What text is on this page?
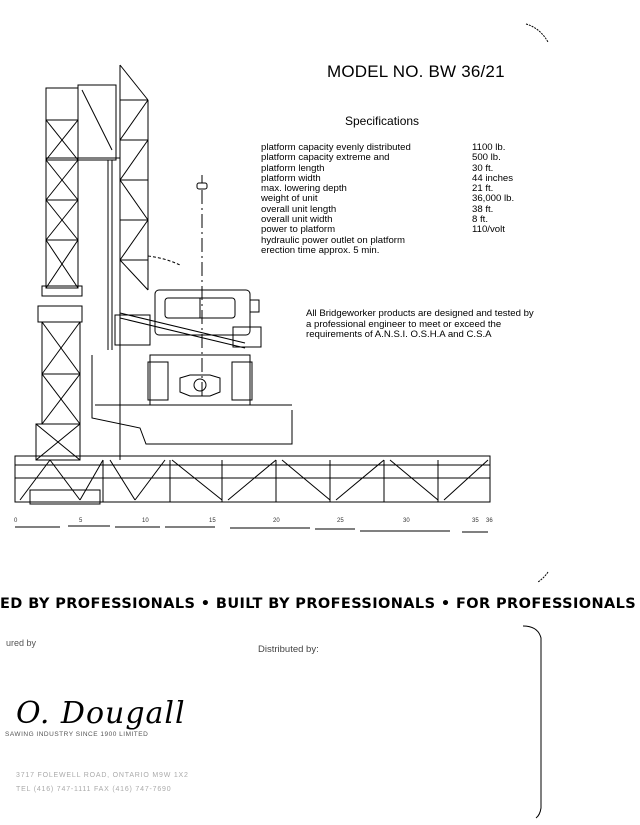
MODEL NO. BW 36/21
Specifications
platform capacity evenly distributed	1100 lb.
platform capacity extreme and	500 lb.
platform length	30 ft.
platform width	44 inches
max. lowering depth	21 ft.
weight of unit	36,000 lb.
overall unit length	38 ft.
overall unit width	8 ft.
power to platform	110/volt
hydraulic power outlet on platform
erection time approx. 5 min.
All Bridgeworker products are designed and tested by a professional engineer to meet or exceed the requirements of A.N.S.I. O.S.H.A and C.S.A
0	5	10	15	20	25	30	35 36
ED BY PROFESSIONALS • BUILT BY PROFESSIONALS • FOR PROFESSIONALS
ured by
Distributed by:
O. Dougall
SAWING INDUSTRY SINCE 1900 LIMITED
3717 FOLEWELL ROAD, ONTARIO M9W 1X2
TEL (416) 747-1111 FAX (416) 747-7690
